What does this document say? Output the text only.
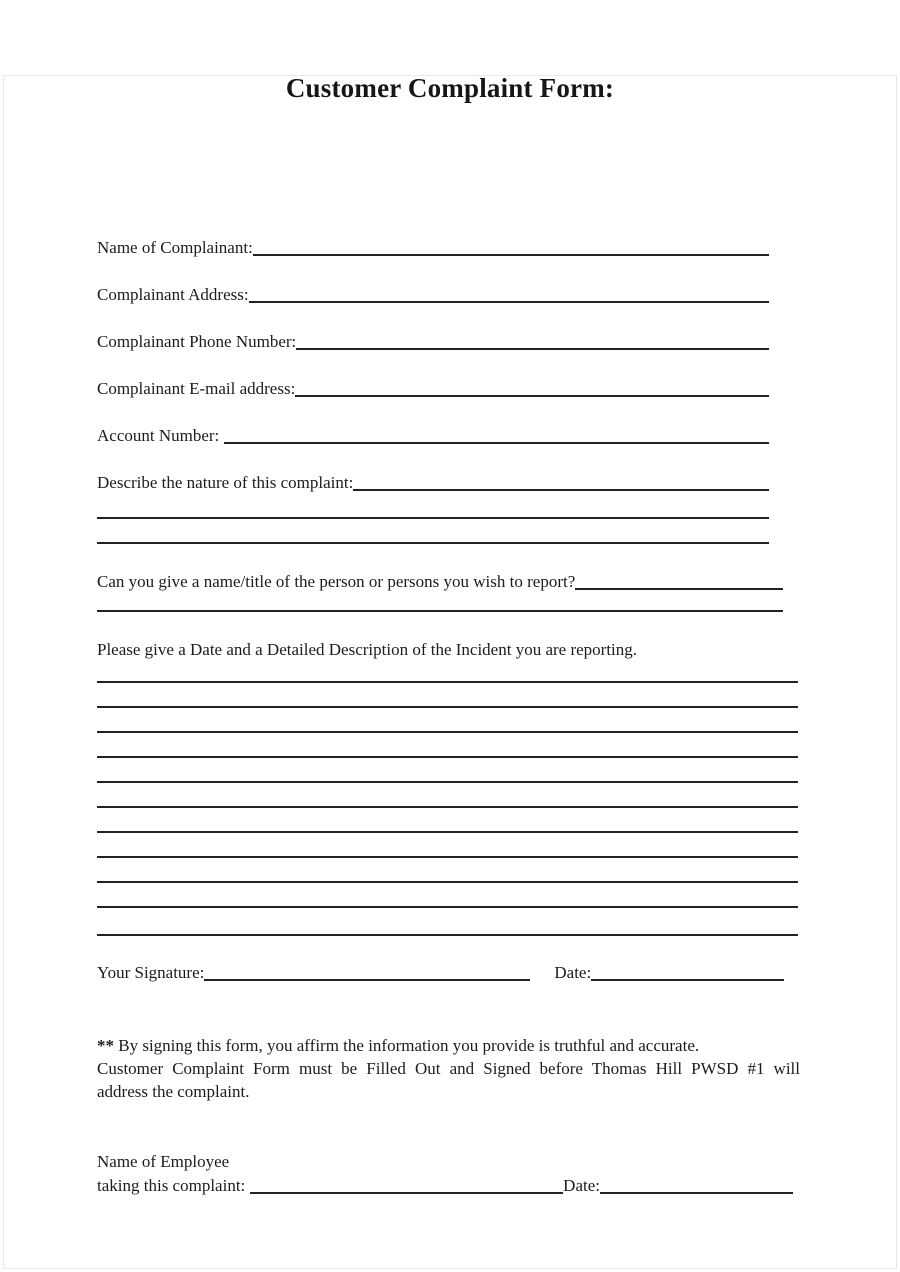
Customer Complaint Form:
Name of Complainant:
Complainant Address:
Complainant Phone Number:
Complainant E-mail address:
Account Number:
Describe the nature of this complaint:
Can you give a name/title of the person or persons you wish to report?
Please give a Date and a Detailed Description of the Incident you are reporting.
Your Signature:	Date:
** By signing this form, you affirm the information you provide is truthful and accurate.
Customer Complaint Form must be Filled Out and Signed before Thomas Hill PWSD #1 will
address the complaint.
Name of Employee
taking this complaint:	Date:
